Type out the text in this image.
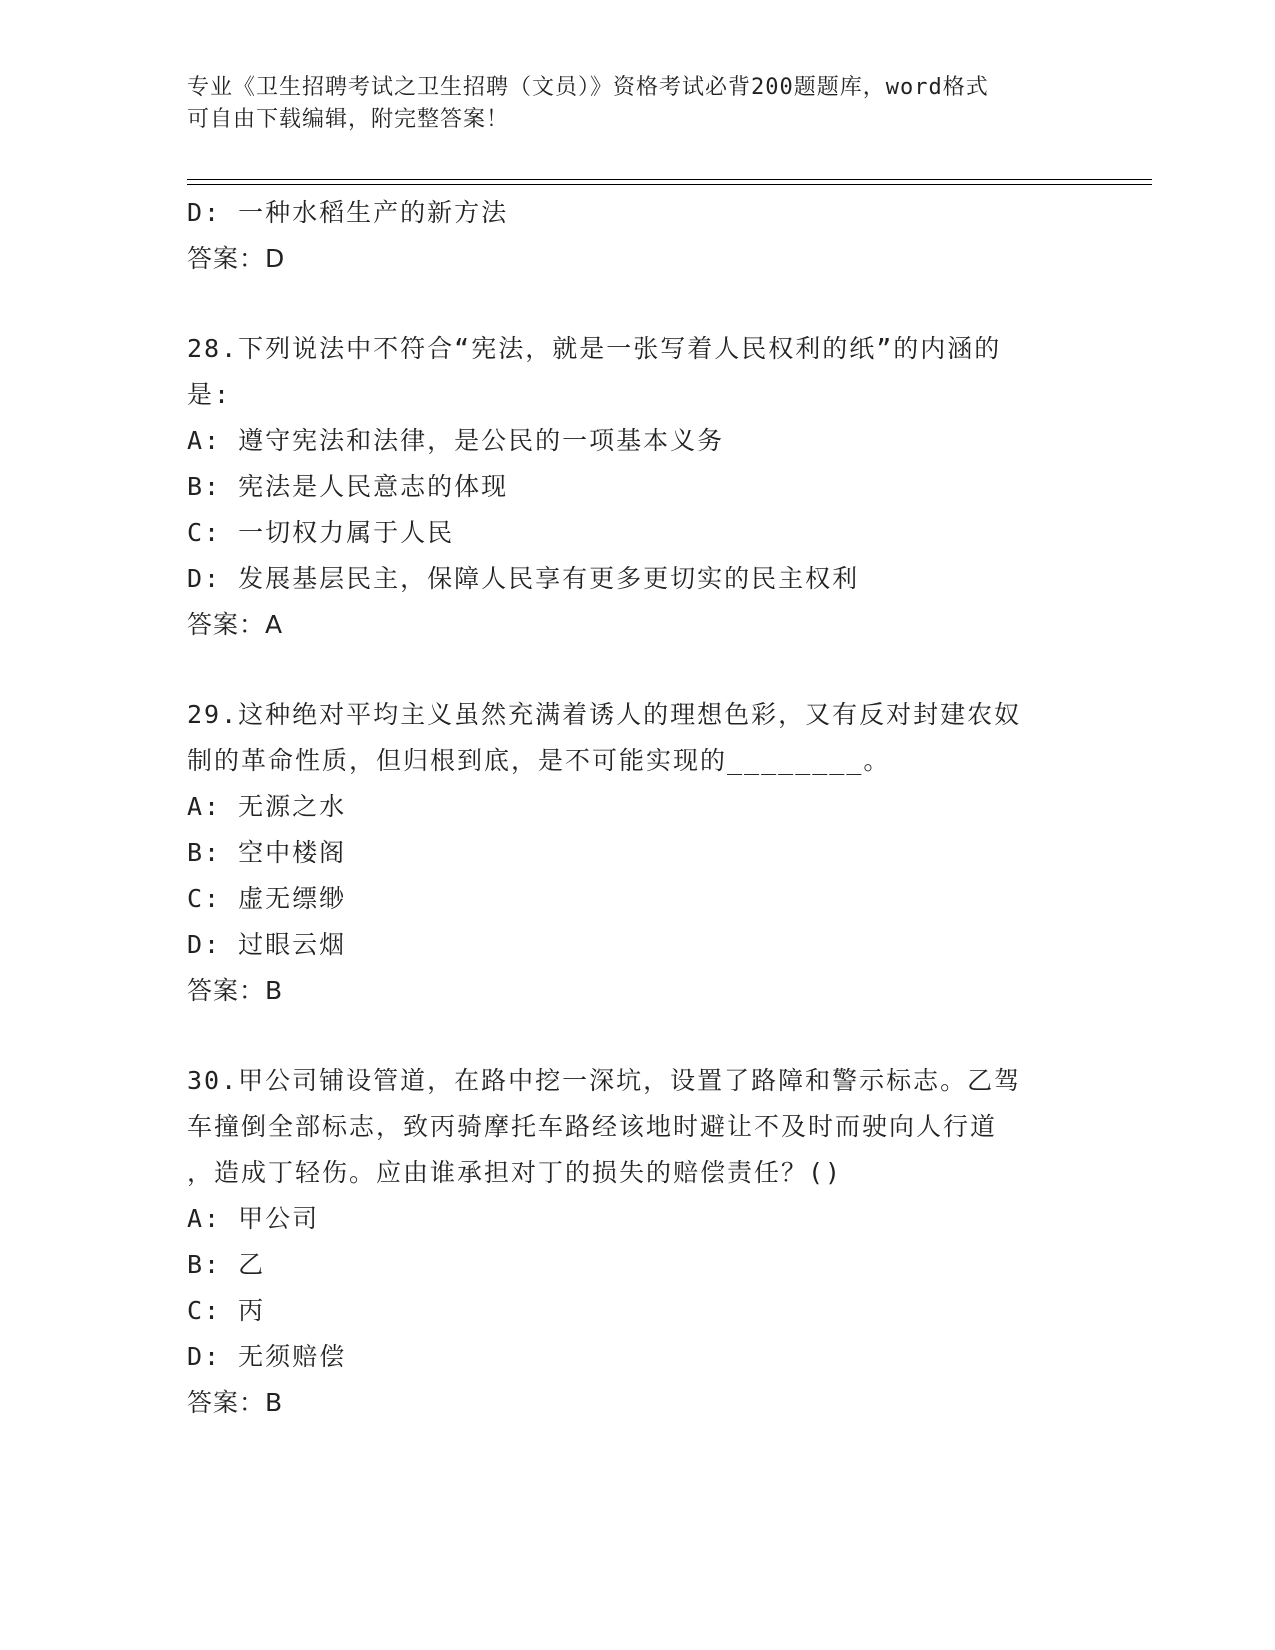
专业《卫生招聘考试之卫生招聘（文员）》资格考试必背200题题库，word格式
可自由下载编辑，附完整答案！
D: 一种水稻生产的新方法
答案：D
28.下列说法中不符合“宪法，就是一张写着人民权利的纸”的内涵的
是:
A: 遵守宪法和法律，是公民的一项基本义务
B: 宪法是人民意志的体现
C: 一切权力属于人民
D: 发展基层民主，保障人民享有更多更切实的民主权利
答案：A
29.这种绝对平均主义虽然充满着诱人的理想色彩，又有反对封建农奴
制的革命性质，但归根到底，是不可能实现的________。
A: 无源之水
B: 空中楼阁
C: 虚无缥缈
D: 过眼云烟
答案：B
30.甲公司铺设管道，在路中挖一深坑，设置了路障和警示标志。乙驾
车撞倒全部标志，致丙骑摩托车路经该地时避让不及时而驶向人行道
，造成丁轻伤。应由谁承担对丁的损失的赔偿责任？()
A: 甲公司
B: 乙
C: 丙
D: 无须赔偿
答案：B
